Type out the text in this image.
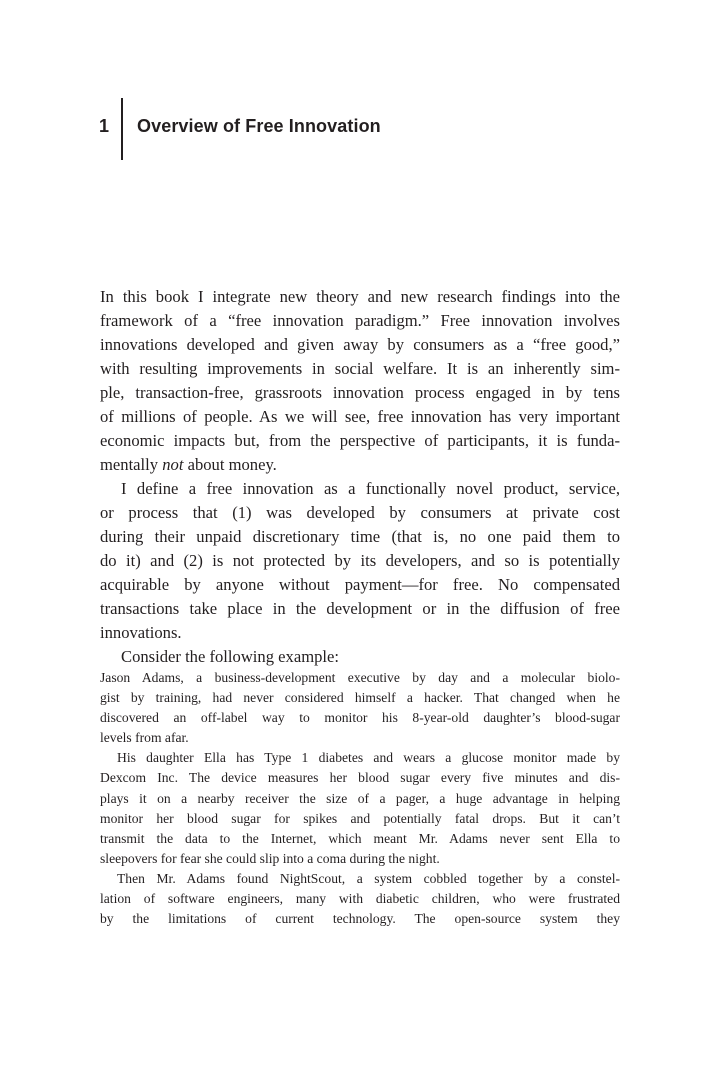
1 Overview of Free Innovation
In this book I integrate new theory and new research findings into the
framework of a “free innovation paradigm.” Free innovation involves
innovations developed and given away by consumers as a “free good,”
with resulting improvements in social welfare. It is an inherently sim-
ple, transaction-free, grassroots innovation process engaged in by tens
of millions of people. As we will see, free innovation has very important
economic impacts but, from the perspective of participants, it is funda-
mentally not about money.
I define a free innovation as a functionally novel product, service,
or process that (1) was developed by consumers at private cost
during their unpaid discretionary time (that is, no one paid them to
do it) and (2) is not protected by its developers, and so is potentially
acquirable by anyone without payment—for free. No compensated
transactions take place in the development or in the diffusion of free
innovations.
Consider the following example:
Jason Adams, a business-development executive by day and a molecular biolo-
gist by training, had never considered himself a hacker. That changed when he
discovered an off-label way to monitor his 8-year-old daughter’s blood-sugar
levels from afar.
His daughter Ella has Type 1 diabetes and wears a glucose monitor made by
Dexcom Inc. The device measures her blood sugar every five minutes and dis-
plays it on a nearby receiver the size of a pager, a huge advantage in helping
monitor her blood sugar for spikes and potentially fatal drops. But it can’t
transmit the data to the Internet, which meant Mr. Adams never sent Ella to
sleepovers for fear she could slip into a coma during the night.
Then Mr. Adams found NightScout, a system cobbled together by a constel-
lation of software engineers, many with diabetic children, who were frustrated
by the limitations of current technology. The open-source system they
